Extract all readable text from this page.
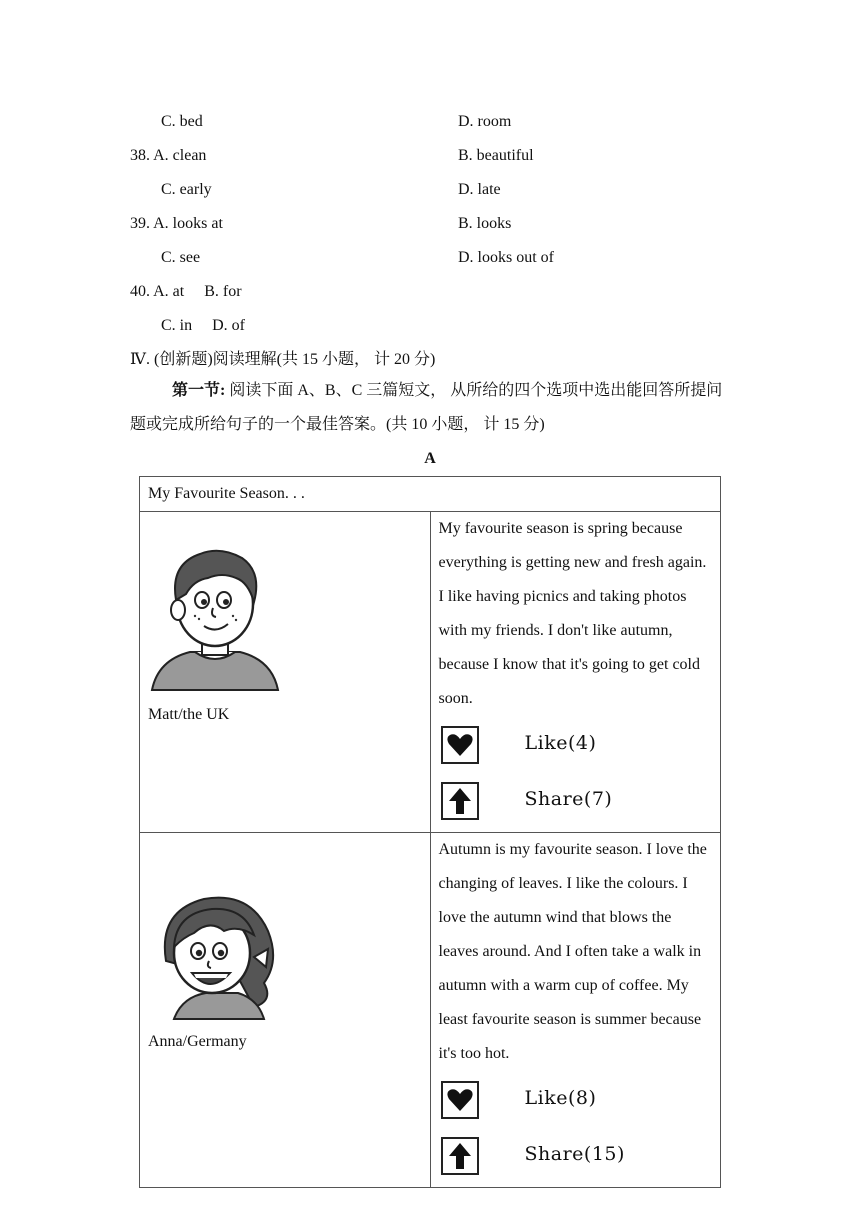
C. bed	D. room
38. A. clean	B. beautiful
C. early	D. late
39. A. looks at	B. looks
C. see	D. looks out of
40. A. at     B. for
C. in     D. of
Ⅳ. (创新题)阅读理解(共 15 小题， 计 20 分)
第一节: 阅读下面 A、B、C 三篇短文， 从所给的四个选项中选出能回答所提问题或完成所给句子的一个最佳答案。(共 10 小题， 计 15 分)
A
My Favourite Season. . .	

Matt/the UK	My favourite season is spring because everything is getting new and fresh again. I like having picnics and taking photos with my friends. I don't like autumn, because I know that it's going to get cold soon.
Like(4)
Share(7)

Anna/Germany	Autumn is my favourite season. I love the changing of leaves. I like the colours. I love the autumn wind that blows the leaves around. And I often take a walk in autumn with a warm cup of coffee. My least favourite season is summer because it's too hot.
Like(8)
Share(15)
